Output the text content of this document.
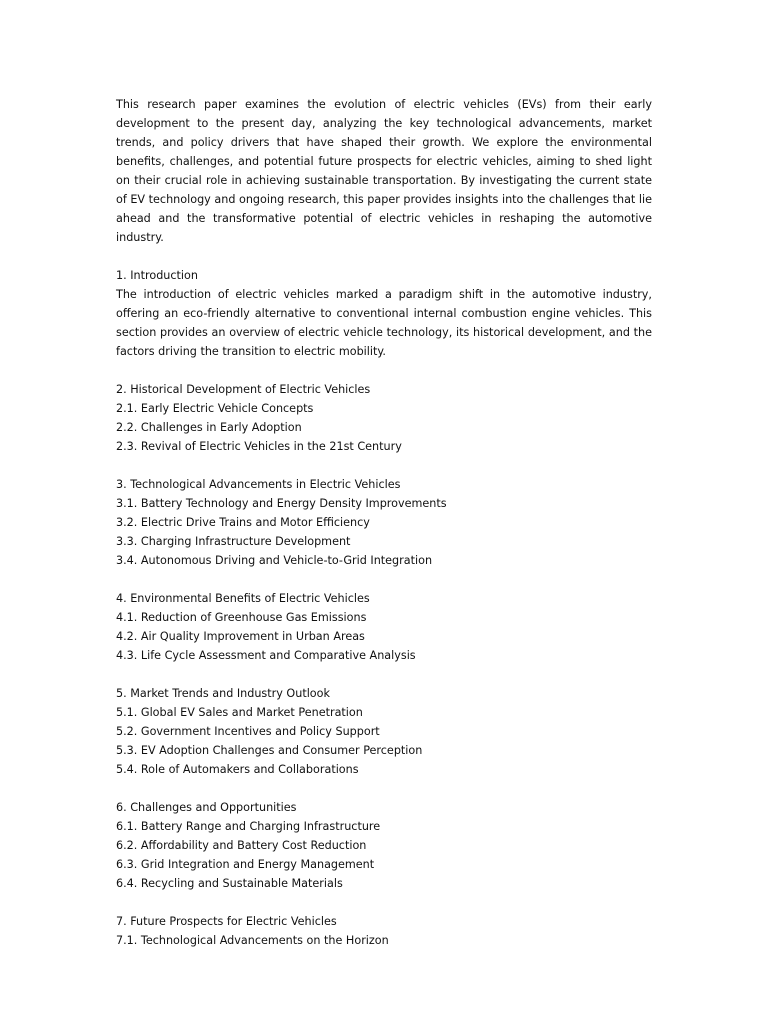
This research paper examines the evolution of electric vehicles (EVs) from their early development to the present day, analyzing the key technological advancements, market trends, and policy drivers that have shaped their growth. We explore the environmental benefits, challenges, and potential future prospects for electric vehicles, aiming to shed light on their crucial role in achieving sustainable transportation. By investigating the current state of EV technology and ongoing research, this paper provides insights into the challenges that lie ahead and the transformative potential of electric vehicles in reshaping the automotive industry.

1. Introduction

The introduction of electric vehicles marked a paradigm shift in the automotive industry, offering an eco-friendly alternative to conventional internal combustion engine vehicles. This section provides an overview of electric vehicle technology, its historical development, and the factors driving the transition to electric mobility.

2. Historical Development of Electric Vehicles

2.1. Early Electric Vehicle Concepts

2.2. Challenges in Early Adoption

2.3. Revival of Electric Vehicles in the 21st Century

3. Technological Advancements in Electric Vehicles

3.1. Battery Technology and Energy Density Improvements

3.2. Electric Drive Trains and Motor Efficiency

3.3. Charging Infrastructure Development

3.4. Autonomous Driving and Vehicle-to-Grid Integration

4. Environmental Benefits of Electric Vehicles

4.1. Reduction of Greenhouse Gas Emissions

4.2. Air Quality Improvement in Urban Areas

4.3. Life Cycle Assessment and Comparative Analysis

5. Market Trends and Industry Outlook

5.1. Global EV Sales and Market Penetration

5.2. Government Incentives and Policy Support

5.3. EV Adoption Challenges and Consumer Perception

5.4. Role of Automakers and Collaborations

6. Challenges and Opportunities

6.1. Battery Range and Charging Infrastructure

6.2. Affordability and Battery Cost Reduction

6.3. Grid Integration and Energy Management

6.4. Recycling and Sustainable Materials

7. Future Prospects for Electric Vehicles

7.1. Technological Advancements on the Horizon
